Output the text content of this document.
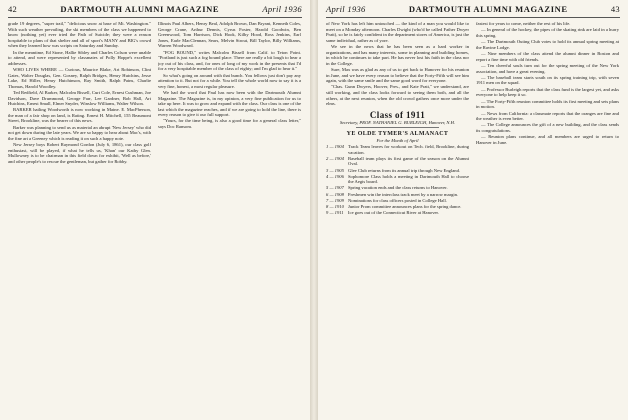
42	DARTMOUTH ALUMNI MAGAZINE	April 1936

grade 19 degrees, "super trail," "delicious snow at base of Mt. Washington." With such weather prevailing, the ski members of the class we happened to know (nothing yet) ever tried the Path of Suicide; they were a reason hospitable to plans of that shelter and all of sport's MANY and BIG's crowd when they learned how was scripts on Saturday and Sunday.

In the meantime, Ed Stone, Hallie Sibley and Charles Colson were unable to attend, and were represented by classmates of Polly Hoppe's excellent addresses.

WHO LIVES WHERE — Curious, Maurice Blake, Art Robinson, Clint Gates, Walter Douglas, Gen. Gosney, Ralph Bridges, Henry Hutchins, Jesse Lake, Ed Hiller, Henry Hutchinson, Ray Smith, Ralph Pains, Charlie Thomas, Harold Woodley.

Ted Redfield, Al Barker, Malcolm Bissell, Curt Cole, Ernest Cushman, Joe Davidson, Dave Drummond, George Farr, Lee Gardner, Bob Hall, Art Hutchins, Ernest Small, Elmer Snyder, Winslow Williams, Walter Wilson.

BARKER hailing Woodworth is now working in Maine. E. MacPherson, the man of a fair shop on land, is Rating. Ernest H. Mitchell, 155 Beaumont Street, Brookline, was the bearer of this news.

Barker was planning to send us as material an abrupt 'New Jersey' who did not get down during the late years. We are so happy to hear about Mac's, with the fine art a Greeney which is reading it on such a happy note.

New Jersey boys Robert Raymond Gordon (July 6, 1861), our class golf enthusiast, will be played, if what he tells us, 'Khan' our Kathy Glen. Mullowney is to be chairman in this field down for exhibit, 'Well as before,' and other people's to rescue the gentleman, but gather for Robby.

Illinois Paul Albers, Henry Beal, Adolph Brown, Dan Bryant, Kenneth Coles, George Crane, Arthur Dennis, Cyrus Foster, Harold Goodwin, Ben Greenwood, Tom Harrison, Dick Hook, Kilby Hood, Ross Jenkins, Earl Jones, Earle MacClennan, Sears, Melvin Strout, Bill Taylor, Billy Williams, Warren Woodward.

"FOG BOUND," writes Malcolm Bissell from Calif. to Teton Point. "Portland is just such a fog bound place. There are really a bit lough to hear a joy out of his class, and, for ones of long of my work in the presents that I'd for a very hospitable member of the class of eighty; and I'm glad to hear it."

So what's going on around with that bunch. You fellows just don't pay any attention to it. But not for a while. You tell the whole world now to say it is a very fine, honest, a most regular pleasure.

We had the word that Paul has now been with the Dartmouth Alumni Magazine. The Magazine is, in my opinion, a very fine publication for us to take up here. It was to grow and expand with the class. Our class is one of the last which the magazine reaches, and if we are going to hold the line, there is every reason to give it our full support.

"Yours, for the time being, is also a good time for a general class letter," says Doc Ransom.

April 1936	DARTMOUTH ALUMNI MAGAZINE	43

of New York has left him untouched — the kind of a man you would like to meet on a Monday afternoon. Charles Dwight (who'd be called Father Dwyer Pratt), so he is fairly confident in the department stores of America, is just the same individual, rather as of yore.

We see in the news that he has been seen as a hard worker in organizations, and has many interests, some in planning and building homes, in which he continues to take part. He has never lost his faith in the class nor in the College.

Sure, Max was as glad as any of us to get back to Hanover for his reunion in June, and we have every reason to believe that the Forty-Fifth will see him again, with the same smile and the same good word for everyone.

"Chas. Gunn Dwyers, Hoover, Pres., and Kate Pratt," we understand, are still working, and the class looks forward to seeing them both, and all the others, at the next reunion, when the old crowd gathers once more under the elms.

Class of 1911
Secretary, PROF. NATHANIEL G. BURLEIGH, Hanover, N.H.
YE OLDE TYMER'S ALMANACT
For the Month of April
1 — 1904 Track Team leaves for workout on Tech. field, Brookline, during vacation.
2 — 1904 Baseball team plays its first game of the season on the Alumni Oval.
3 — 1905 Glee Club returns from its annual trip through New England.
4 — 1906 Sophomore Class holds a meeting in Dartmouth Hall to choose the Aegis board.
5 — 1907 Spring vacation ends and the class returns to Hanover.
6 — 1908 Freshmen win the interclass track meet by a narrow margin.
7 — 1909 Nominations for class officers posted in College Hall.
8 — 1910 Junior Prom committee announces plans for the spring dance.
9 — 1911 Ice goes out of the Connecticut River at Hanover.

fastest for years to come, neither the rest of his life.

— In general of the hockey, the pipes of the skating rink are laid in a hurry this spring.

— The Dartmouth Outing Club votes to hold its annual spring meeting at the Ravine Lodge.

— Nine members of the class attend the alumni dinner in Boston and report a fine time with old friends.

— Ten cheerful souls turn out for the spring meeting of the New York association, and have a great evening.

— The baseball team starts south on its spring training trip, with seven 1911 men on the squad.

— Professor Burleigh reports that the class fund is the largest yet, and asks everyone to help keep it so.

— The Forty-Fifth reunion committee holds its first meeting and sets plans in motion.

— News from California: a classmate reports that the oranges are fine and the weather is even better.

— The College announces the gift of a new building, and the class sends its congratulations.

— Reunion plans continue, and all members are urged to return to Hanover in June.
